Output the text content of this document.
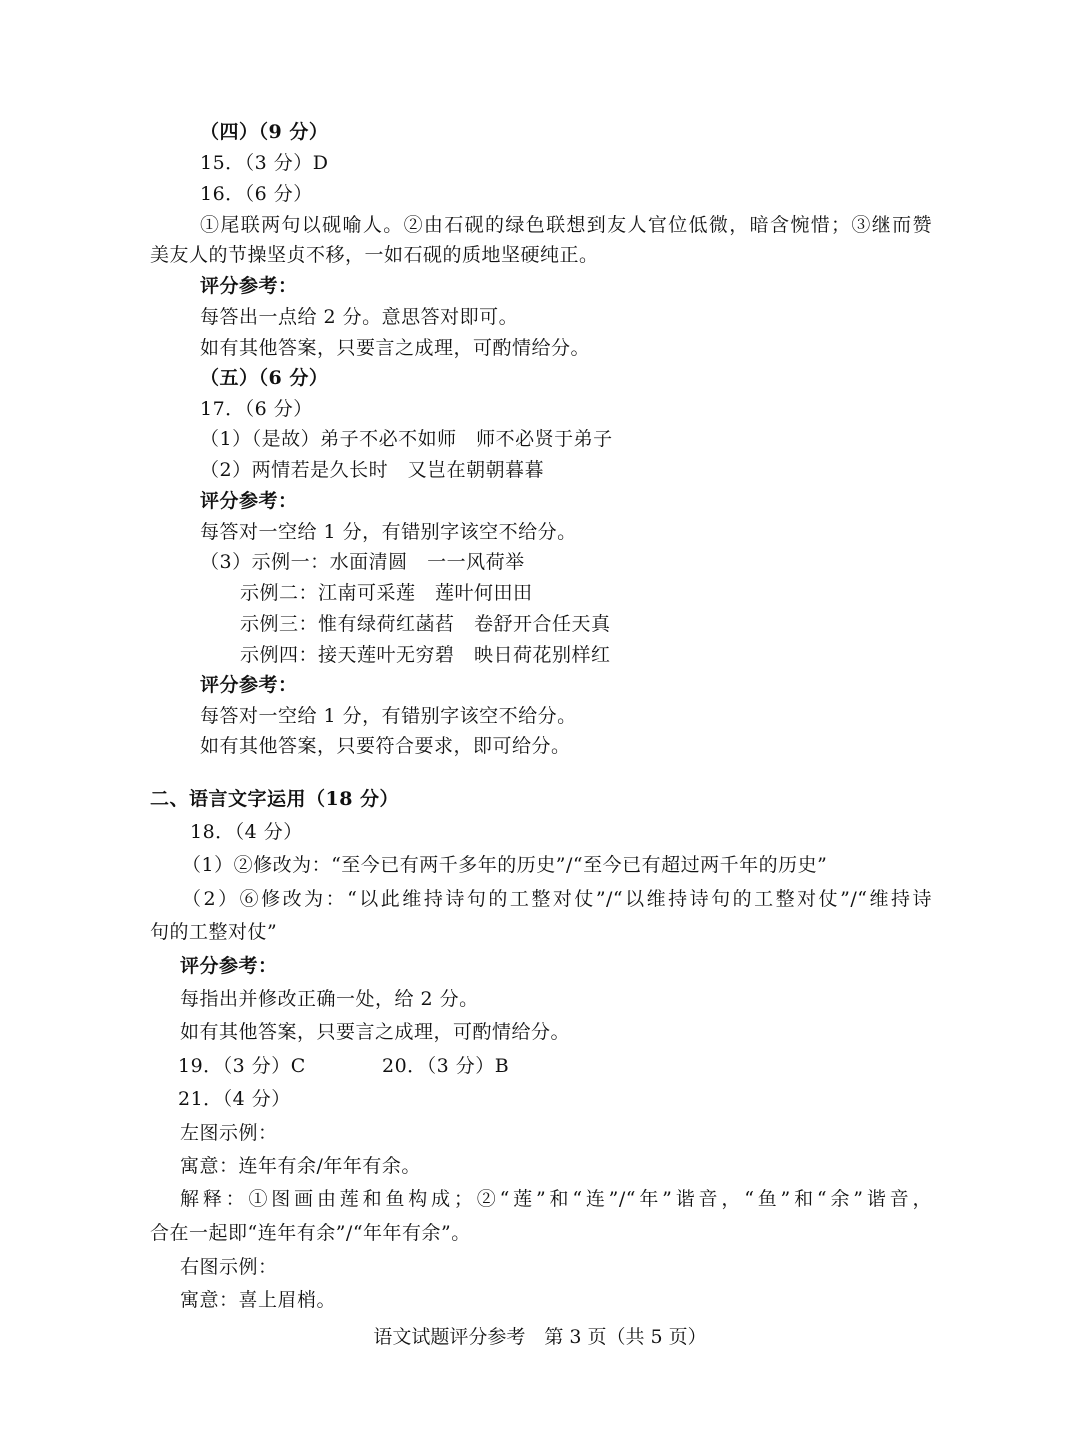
（四）（9 分）
15．（3 分）D
16．（6 分）
①尾联两句以砚喻人。②由石砚的绿色联想到友人官位低微，暗含惋惜；③继而赞
美友人的节操坚贞不移，一如石砚的质地坚硬纯正。
评分参考：
每答出一点给 2 分。意思答对即可。
如有其他答案，只要言之成理，可酌情给分。
（五）（6 分）
17．（6 分）
（1）（是故）弟子不必不如师　师不必贤于弟子
（2）两情若是久长时　又岂在朝朝暮暮
评分参考：
每答对一空给 1 分，有错别字该空不给分。
（3）示例一：水面清圆　一一风荷举
示例二：江南可采莲　莲叶何田田
示例三：惟有绿荷红菡萏　卷舒开合任天真
示例四：接天莲叶无穷碧　映日荷花别样红
评分参考：
每答对一空给 1 分，有错别字该空不给分。
如有其他答案，只要符合要求，即可给分。
二、语言文字运用（18 分）
18．（4 分）
（1）②修改为：“至今已有两千多年的历史”/“至今已有超过两千年的历史”
（2）⑥修改为：“以此维持诗句的工整对仗”/“以维持诗句的工整对仗”/“维持诗
句的工整对仗”
评分参考：
每指出并修改正确一处，给 2 分。
如有其他答案，只要言之成理，可酌情给分。
19．（3 分）C	20．（3 分）B
21．（4 分）
左图示例：
寓意：连年有余/年年有余。
解释：①图画由莲和鱼构成；②“莲”和“连”/“年”谐音，“鱼”和“余”谐音，
合在一起即“连年有余”/“年年有余”。
右图示例：
寓意：喜上眉梢。
语文试题评分参考　第 3 页（共 5 页）
